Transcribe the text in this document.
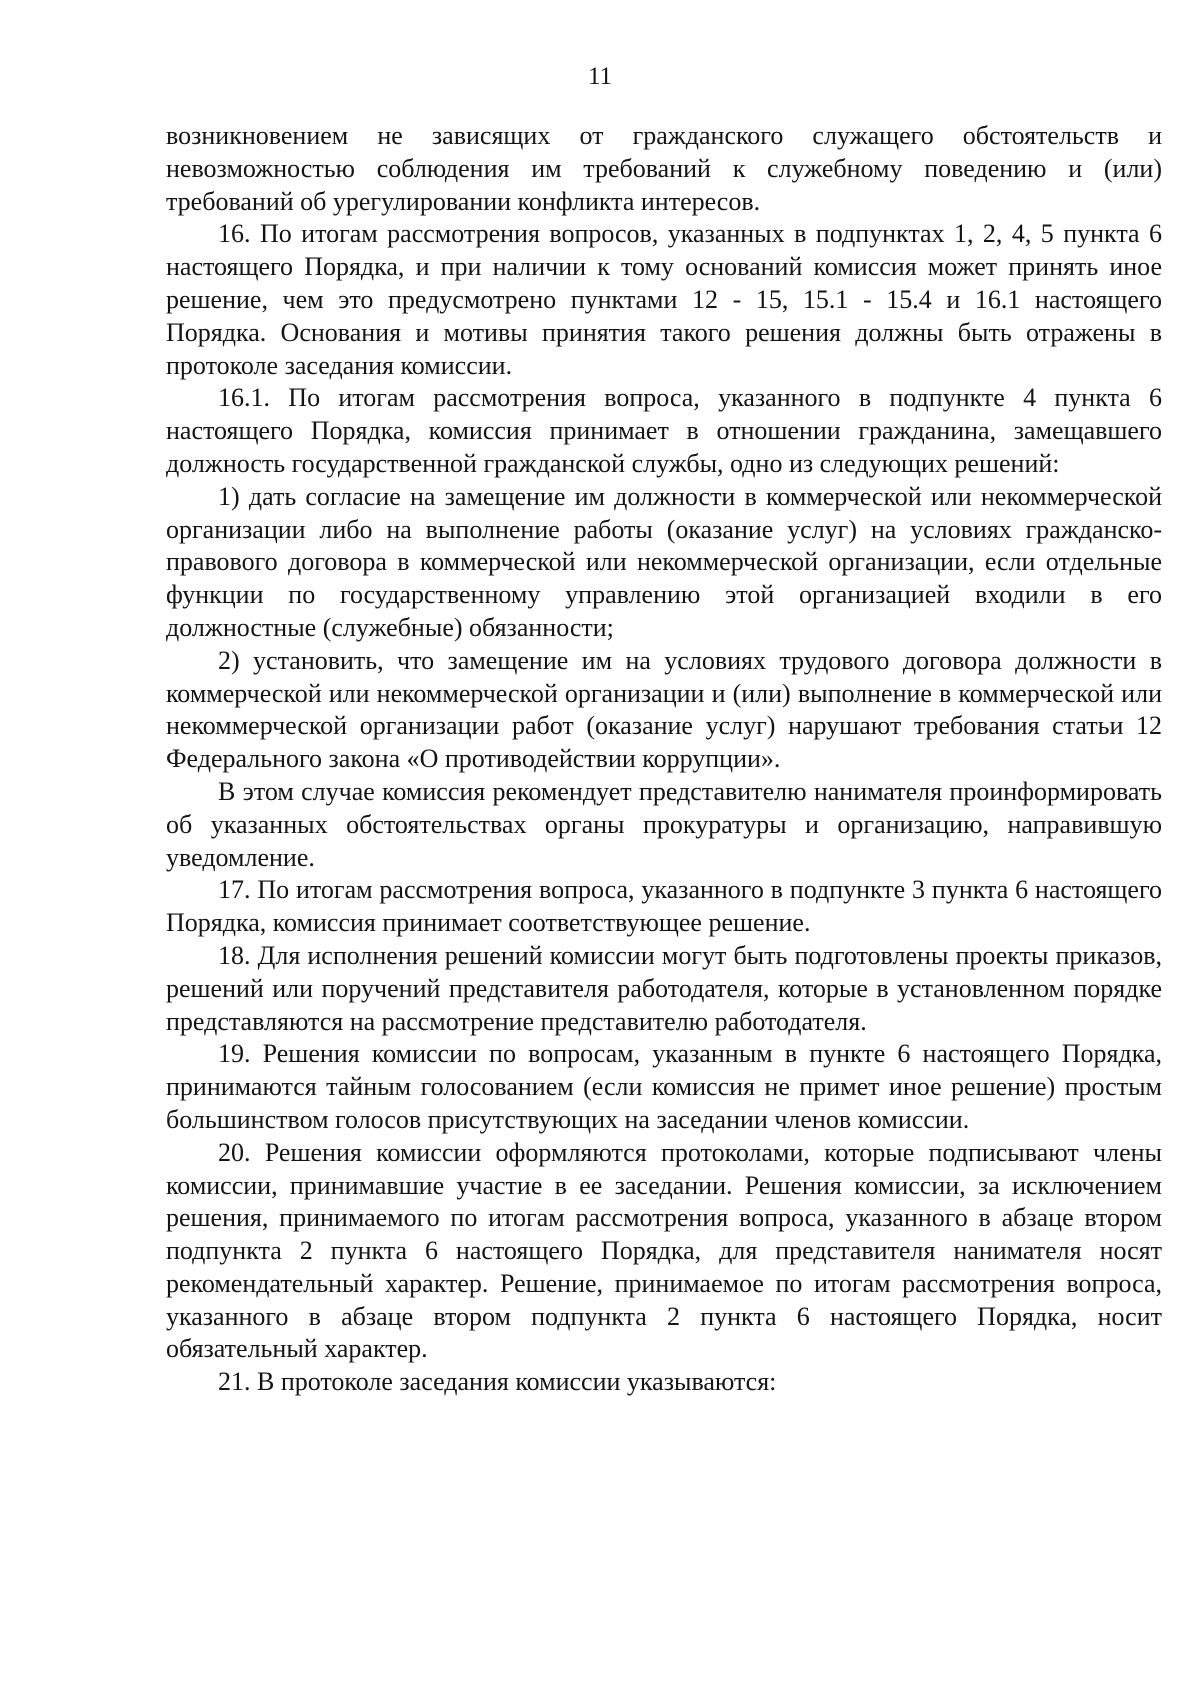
11

возникновением не зависящих от гражданского служащего обстоятельств и невозможностью соблюдения им требований к служебному поведению и (или) требований об урегулировании конфликта интересов.

16. По итогам рассмотрения вопросов, указанных в подпунктах 1, 2, 4, 5 пункта 6 настоящего Порядка, и при наличии к тому оснований комиссия может принять иное решение, чем это предусмотрено пунктами 12 - 15, 15.1 - 15.4 и 16.1 настоящего Порядка. Основания и мотивы принятия такого решения должны быть отражены в протоколе заседания комиссии.

16.1. По итогам рассмотрения вопроса, указанного в подпункте 4 пункта 6 настоящего Порядка, комиссия принимает в отношении гражданина, замещавшего должность государственной гражданской службы, одно из следующих решений:

1) дать согласие на замещение им должности в коммерческой или некоммерческой организации либо на выполнение работы (оказание услуг) на условиях гражданско-правового договора в коммерческой или некоммерческой организации, если отдельные функции по государственному управлению этой организацией входили в его должностные (служебные) обязанности;

2) установить, что замещение им на условиях трудового договора должности в коммерческой или некоммерческой организации и (или) выполнение в коммерческой или некоммерческой организации работ (оказание услуг) нарушают требования статьи 12 Федерального закона «О противодействии коррупции».

В этом случае комиссия рекомендует представителю нанимателя проинформировать об указанных обстоятельствах органы прокуратуры и организацию, направившую уведомление.

17. По итогам рассмотрения вопроса, указанного в подпункте 3 пункта 6 настоящего Порядка, комиссия принимает соответствующее решение.

18. Для исполнения решений комиссии могут быть подготовлены проекты приказов, решений или поручений представителя работодателя, которые в установленном порядке представляются на рассмотрение представителю работодателя.

19. Решения комиссии по вопросам, указанным в пункте 6 настоящего Порядка, принимаются тайным голосованием (если комиссия не примет иное решение) простым большинством голосов присутствующих на заседании членов комиссии.

20. Решения комиссии оформляются протоколами, которые подписывают члены комиссии, принимавшие участие в ее заседании. Решения комиссии, за исключением решения, принимаемого по итогам рассмотрения вопроса, указанного в абзаце втором подпункта 2 пункта 6 настоящего Порядка, для представителя нанимателя носят рекомендательный характер. Решение, принимаемое по итогам рассмотрения вопроса, указанного в абзаце втором подпункта 2 пункта 6 настоящего Порядка, носит обязательный характер.

21. В протоколе заседания комиссии указываются:
